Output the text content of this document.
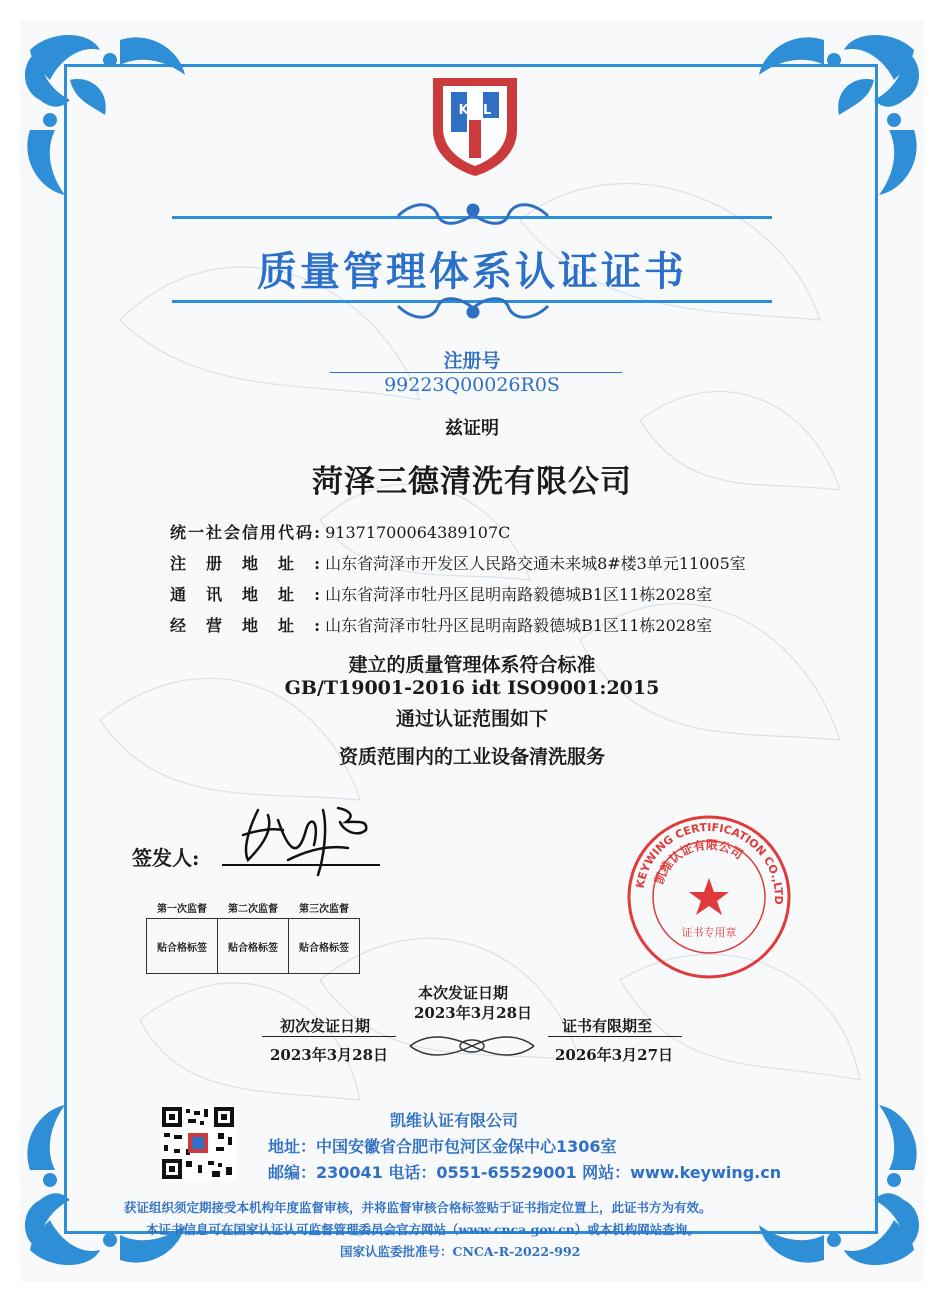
KWL
质量管理体系认证证书
注册号
99223Q00026R0S
兹证明
菏泽三德清洗有限公司
统一社会信用代码: 91371700064389107C
注册地址: 山东省菏泽市开发区人民路交通未来城8#楼3单元11005室
通讯地址: 山东省菏泽市牡丹区昆明南路毅德城B1区11栋2028室
经营地址: 山东省菏泽市牡丹区昆明南路毅德城B1区11栋2028室
建立的质量管理体系符合标准
GB/T19001-2016 idt ISO9001:2015
通过认证范围如下
资质范围内的工业设备清洗服务
签发人:
第一次监督	第二次监督	第三次监督
贴合格标签	贴合格标签	贴合格标签
KEYWING CERTIFICATION CO.,LTD
凯维认证有限公司
证书专用章
本次发证日期
2023年3月28日
初次发证日期
2023年3月28日
证书有限期至
2026年3月27日
凯维认证有限公司
地址：中国安徽省合肥市包河区金保中心1306室
邮编：230041 电话：0551-65529001 网站：www.keywing.cn
获证组织须定期接受本机构年度监督审核，并将监督审核合格标签贴于证书指定位置上，此证书方为有效。
本证书信息可在国家认证认可监督管理委员会官方网站（www.cnca.gov.cn）或本机构网站查询。
国家认监委批准号：CNCA-R-2022-992
